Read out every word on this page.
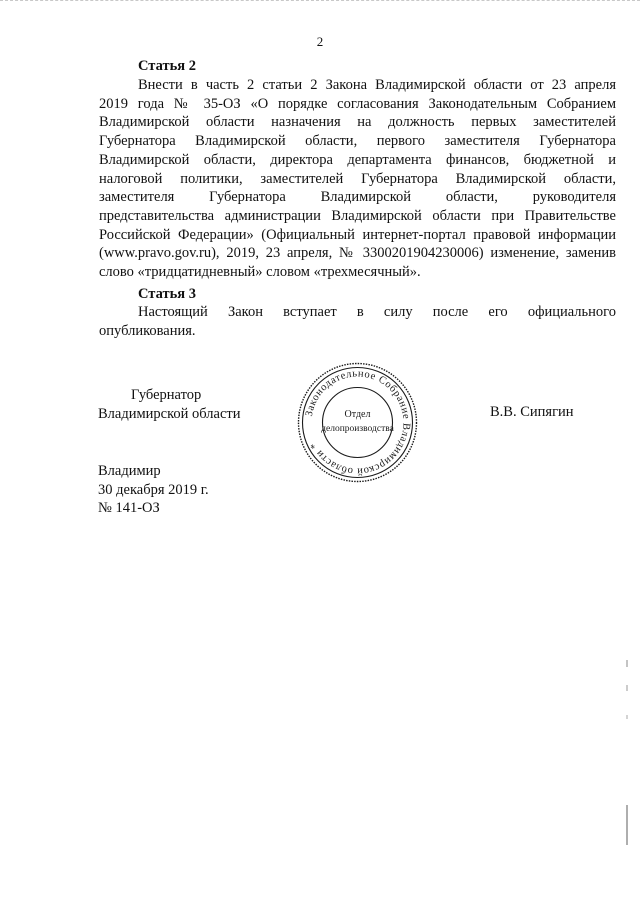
2
Статья 2
Внести в часть 2 статьи 2 Закона Владимирской области от 23 апреля
2019 года № 35-ОЗ «О порядке согласования Законодательным Собранием
Владимирской области назначения на должность первых заместителей
Губернатора Владимирской области, первого заместителя Губернатора
Владимирской области, директора департамента финансов, бюджетной и
налоговой политики, заместителей Губернатора Владимирской области,
заместителя Губернатора Владимирской области, руководителя
представительства администрации Владимирской области при Правительстве
Российской Федерации» (Официальный интернет-портал правовой информации
(www.pravo.gov.ru), 2019, 23 апреля, № 3300201904230006) изменение, заменив
слово «тридцатидневный» словом «трехмесячный».
Статья 3
Настоящий Закон вступает в силу после его официального
опубликования.
Губернатор
Владимирской области	В.В. Сипягин
Законодательное Собрание Владимирской области *
Отдел
делопроизводства
Владимир
30 декабря 2019 г.
№ 141-ОЗ
